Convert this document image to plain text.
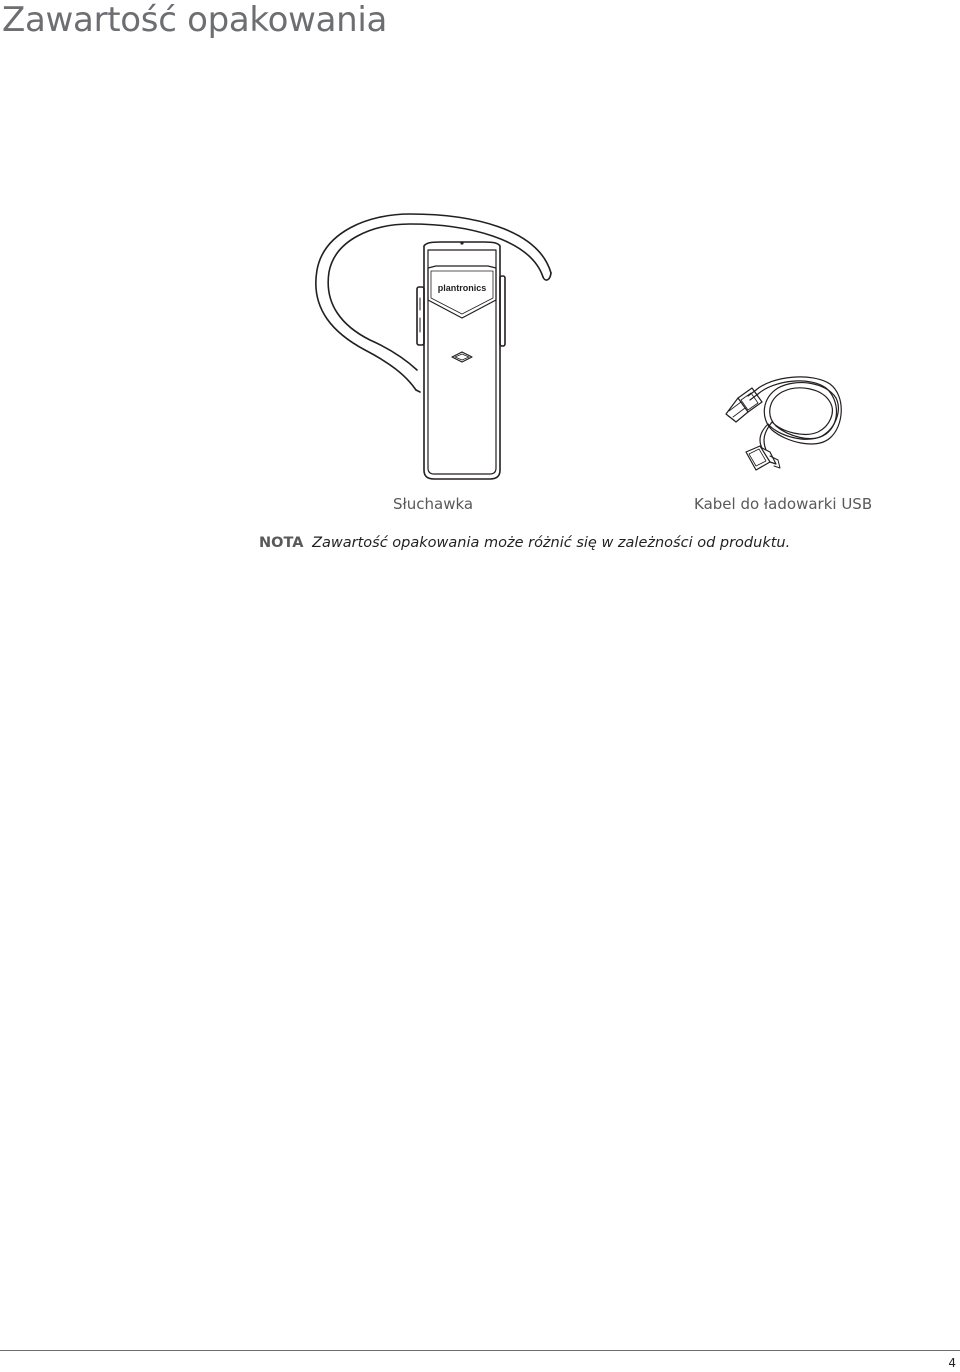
Zawartość opakowania
plantronics
Słuchawka	Kabel do ładowarki USB
NOTA Zawartość opakowania może różnić się w zależności od produktu.
4
